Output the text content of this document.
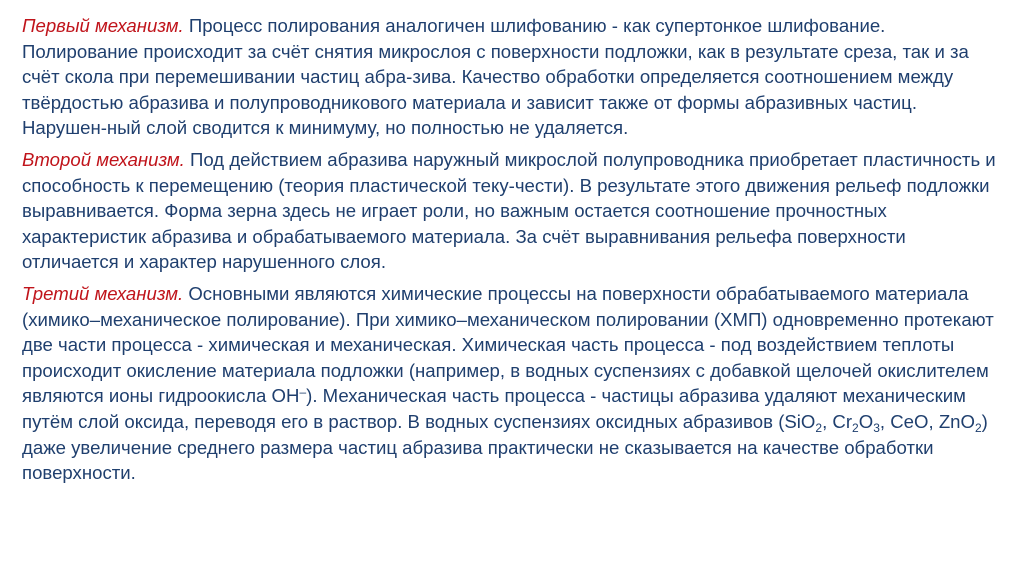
Первый механизм. Процесс полирования аналогичен шлифованию - как супертонкое шлифование. Полирование происходит за счёт снятия микрослоя с поверхности подложки, как в результате среза, так и за счёт скола при перемешивании частиц абра-зива. Качество обработки определяется соотношением между твёрдостью абразива и полупроводникового материала и зависит также от формы абразивных частиц. Нарушен-ный слой сводится к минимуму, но полностью не удаляется.

Второй механизм. Под действием абразива наружный микрослой полупроводника приобретает пластичность и способность к перемещению (теория пластической теку-чести). В результате этого движения рельеф подложки выравнивается. Форма зерна здесь не играет роли, но важным остается соотношение прочностных характеристик абразива и обрабатываемого материала. За счёт выравнивания рельефа поверхности отличается и характер нарушенного слоя.

Третий механизм. Основными являются химические процессы на поверхности обрабатываемого материала (химико–механическое полирование). При химико–механическом полировании (ХМП) одновременно протекают две части процесса - химическая и механическая. Химическая часть процесса - под воздействием теплоты происходит окисление материала подложки (например, в водных суспензиях с добавкой щелочей окислителем являются ионы гидроокисла ОН–). Механическая часть процесса - частицы абразива удаляют механическим путём слой оксида, переводя его в раствор. В водных суспензиях оксидных абразивов (SiO$_2$, $Cr_2O_3$, CeO, ZnO$_2$) даже увеличение среднего размера частиц абразива практически не сказывается на качестве обработки поверхности.
